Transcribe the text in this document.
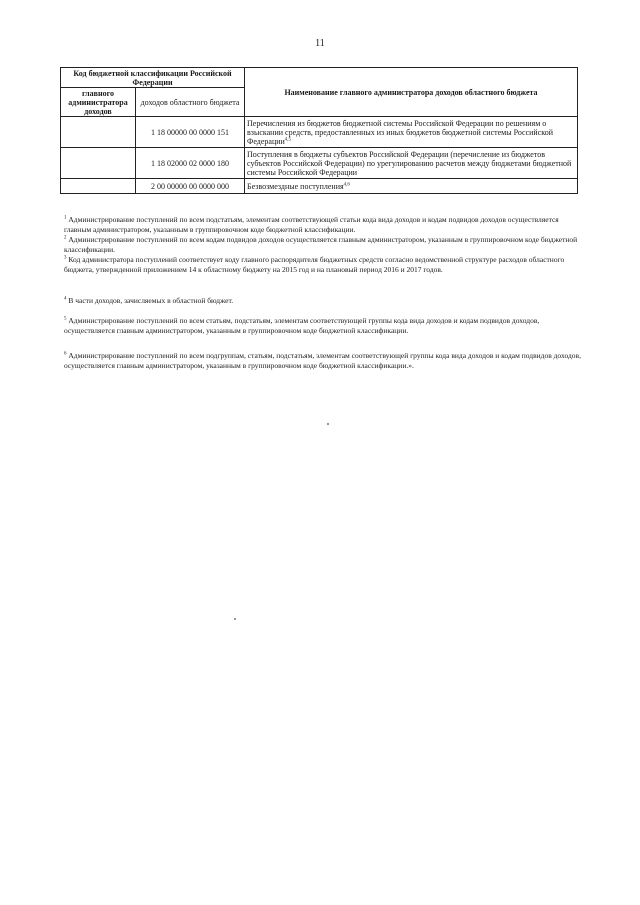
11
Код бюджетной классификации Российской Федерации		Наименование главного администратора доходов областного бюджета
главного администратора доходов	доходов областного бюджета	
	1 18 00000 00 0000 151	Перечисления из бюджетов бюджетной системы Российской Федерации по решениям о взыскании средств, предоставленных из иных бюджетов бюджетной системы Российской Федерации$^{4,5}$
	1 18 02000 02 0000 180	Поступления в бюджеты субъектов Российской Федерации (перечисление из бюджетов субъектов Российской Федерации) по урегулированию расчетов между бюджетами бюджетной системы Российской Федерации
	2 00 00000 00 0000 000	Безвозмездные поступления$^{4,6}$

$^1$ Администрирование поступлений по всем подстатьям, элементам соответствующей статьи кода вида доходов и кодам подвидов доходов осуществляется главным администратором, указанным в группировочном коде бюджетной классификации.

$^2$ Администрирование поступлений по всем кодам подвидов доходов осуществляется главным администратором, указанным в группировочном коде бюджетной классификации.

$^3$ Код администратора поступлений соответствует коду главного распорядителя бюджетных средств согласно ведомственной структуре расходов областного бюджета, утвержденной приложением 14 к областному бюджету на 2015 год и на плановый период 2016 и 2017 годов.

$^4$ В части доходов, зачисляемых в областной бюджет.

$^5$ Администрирование поступлений по всем статьям, подстатьям, элементам соответствующей группы кода вида доходов и кодам подвидов доходов, осуществляется главным администратором, указанным в группировочном коде бюджетной классификации.

$^6$ Администрирование поступлений по всем подгруппам, статьям, подстатьям, элементам соответствующей группы кода вида доходов и кодам подвидов доходов, осуществляется главным администратором, указанным в группировочном коде бюджетной классификации.».
